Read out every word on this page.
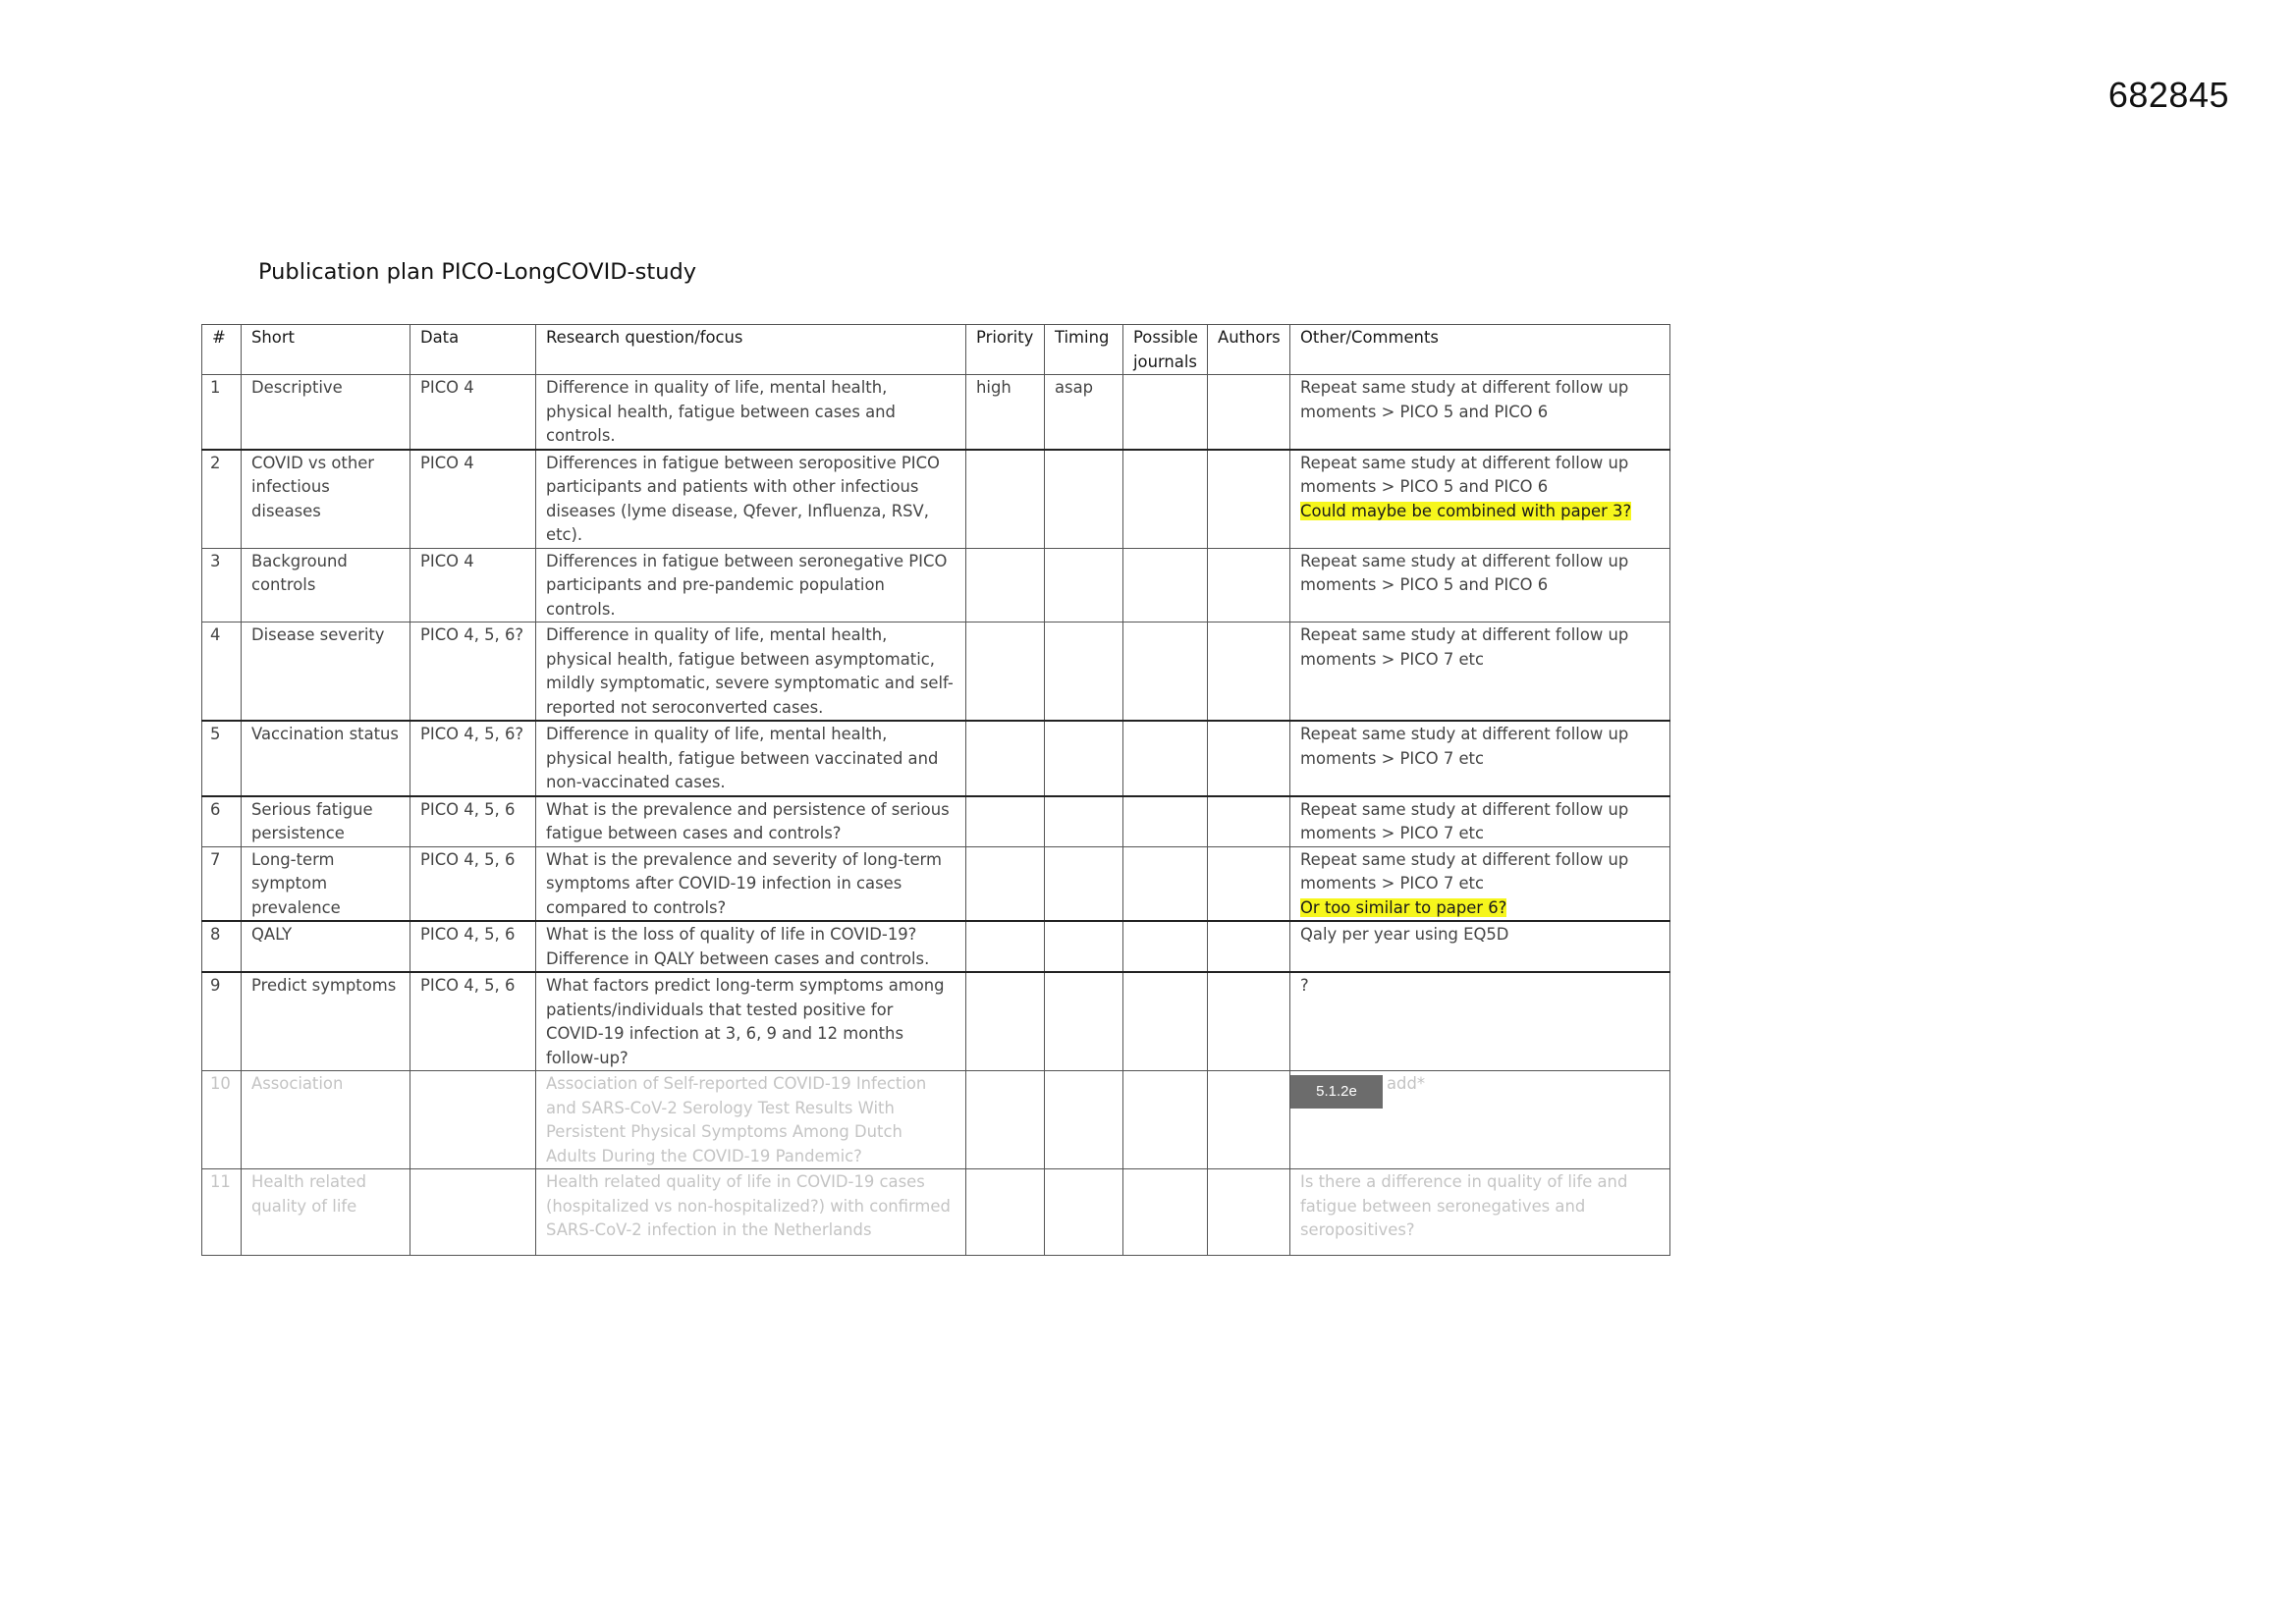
682845
Publication plan PICO-LongCOVID-study
#	Short	Data	Research question/focus	Priority	Timing	Possible journals	Authors	Other/Comments
1	Descriptive	PICO 4	Difference in quality of life, mental health, physical health, fatigue between cases and controls.	high	asap			Repeat same study at different follow up moments > PICO 5 and PICO 6
2	COVID vs other infectious diseases	PICO 4	Differences in fatigue between seropositive PICO participants and patients with other infectious diseases (lyme disease, Qfever, Influenza, RSV, etc).					Repeat same study at different follow up moments > PICO 5 and PICO 6
Could maybe be combined with paper 3?
3	Background controls	PICO 4	Differences in fatigue between seronegative PICO participants and pre-pandemic population controls.					Repeat same study at different follow up moments > PICO 5 and PICO 6
4	Disease severity	PICO 4, 5, 6?	Difference in quality of life, mental health, physical health, fatigue between asymptomatic, mildly symptomatic, severe symptomatic and self-reported not seroconverted cases.					Repeat same study at different follow up moments > PICO 7 etc
5	Vaccination status	PICO 4, 5, 6?	Difference in quality of life, mental health, physical health, fatigue between vaccinated and non-vaccinated cases.					Repeat same study at different follow up moments > PICO 7 etc
6	Serious fatigue persistence	PICO 4, 5, 6	What is the prevalence and persistence of serious fatigue between cases and controls?					Repeat same study at different follow up moments > PICO 7 etc
7	Long-term symptom prevalence	PICO 4, 5, 6	What is the prevalence and severity of long-term symptoms after COVID-19 infection in cases compared to controls?					Repeat same study at different follow up moments > PICO 7 etc
Or too similar to paper 6?
8	QALY	PICO 4, 5, 6	What is the loss of quality of life in COVID-19? Difference in QALY between cases and controls.					Qaly per year using EQ5D
9	Predict symptoms	PICO 4, 5, 6	What factors predict long-term symptoms among patients/individuals that tested positive for COVID-19 infection at 3, 6, 9 and 12 months follow-up?					?
10	Association		Association of Self-reported COVID-19 Infection and SARS-CoV-2 Serology Test Results With Persistent Physical Symptoms Among Dutch Adults During the COVID-19 Pandemic?					5.1.2e add*

11	Health related quality of life		Health related quality of life in COVID-19 cases (hospitalized vs non-hospitalized?) with confirmed SARS-CoV-2 infection in the Netherlands					Is there a difference in quality of life and fatigue between seronegatives and seropositives?
